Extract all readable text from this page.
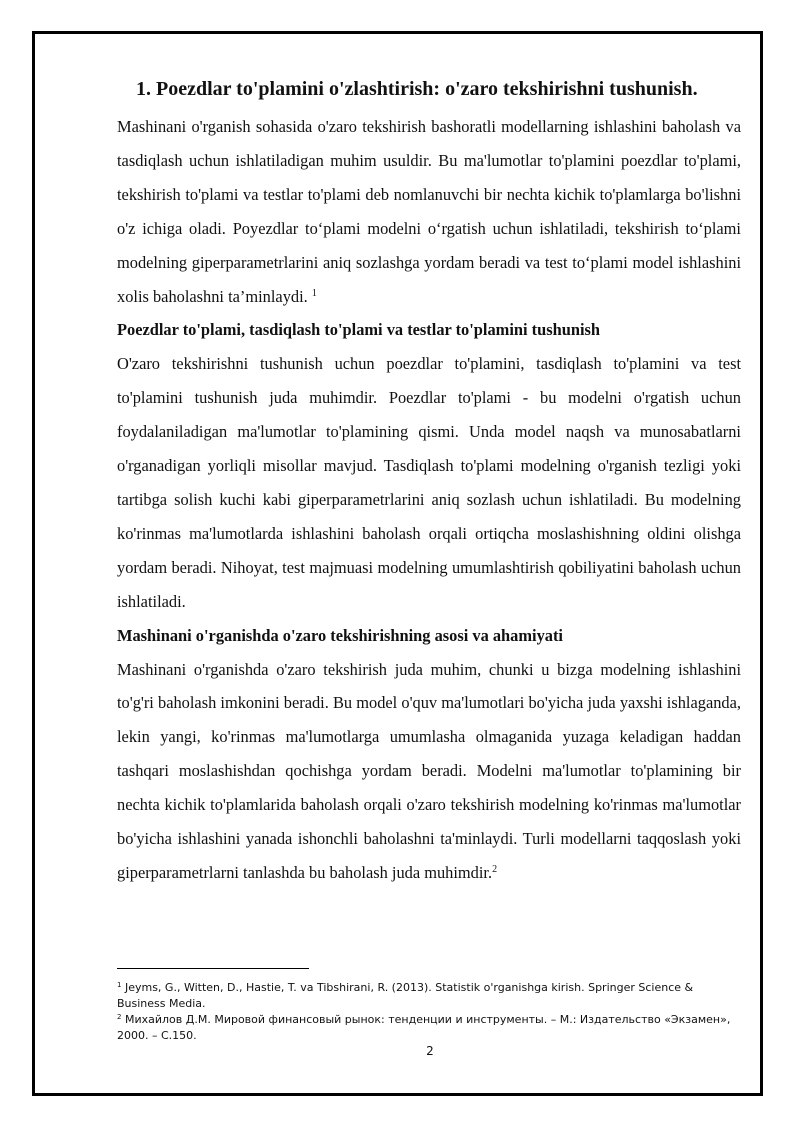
1. Poezdlar to'plamini o'zlashtirish: o'zaro tekshirishni tushunish.

Mashinani o'rganish sohasida o'zaro tekshirish bashoratli modellarning ishlashini baholash va tasdiqlash uchun ishlatiladigan muhim usuldir. Bu ma'lumotlar to'plamini poezdlar to'plami, tekshirish to'plami va testlar to'plami deb nomlanuvchi bir nechta kichik to'plamlarga bo'lishni o'z ichiga oladi. Poyezdlar to‘plami modelni o‘rgatish uchun ishlatiladi, tekshirish to‘plami modelning giperparametrlarini aniq sozlashga yordam beradi va test to‘plami model ishlashini xolis baholashni ta’minlaydi. $^1$

Poezdlar to'plami, tasdiqlash to'plami va testlar to'plamini tushunish

O'zaro tekshirishni tushunish uchun poezdlar to'plamini, tasdiqlash to'plamini va test to'plamini tushunish juda muhimdir. Poezdlar to'plami - bu modelni o'rgatish uchun foydalaniladigan ma'lumotlar to'plamining qismi. Unda model naqsh va munosabatlarni o'rganadigan yorliqli misollar mavjud. Tasdiqlash to'plami modelning o'rganish tezligi yoki tartibga solish kuchi kabi giperparametrlarini aniq sozlash uchun ishlatiladi. Bu modelning ko'rinmas ma'lumotlarda ishlashini baholash orqali ortiqcha moslashishning oldini olishga yordam beradi. Nihoyat, test majmuasi modelning umumlashtirish qobiliyatini baholash uchun ishlatiladi.

Mashinani o'rganishda o'zaro tekshirishning asosi va ahamiyati

Mashinani o'rganishda o'zaro tekshirish juda muhim, chunki u bizga modelning ishlashini to'g'ri baholash imkonini beradi. Bu model o'quv ma'lumotlari bo'yicha juda yaxshi ishlaganda, lekin yangi, ko'rinmas ma'lumotlarga umumlasha olmaganida yuzaga keladigan haddan tashqari moslashishdan qochishga yordam beradi. Modelni ma'lumotlar to'plamining bir nechta kichik to'plamlarida baholash orqali o'zaro tekshirish modelning ko'rinmas ma'lumotlar bo'yicha ishlashini yanada ishonchli baholashni ta'minlaydi. Turli modellarni taqqoslash yoki giperparametrlarni tanlashda bu baholash juda muhimdir.$^2$

$^1$ Jeyms, G., Witten, D., Hastie, T. va Tibshirani, R. (2013). Statistik o'rganishga kirish. Springer Science & Business Media.

$^2$ Михайлов Д.М. Мировой финансовый рынок: тенденции и инструменты. – М.: Издательство «Экзамен», 2000. – С.150.

2
